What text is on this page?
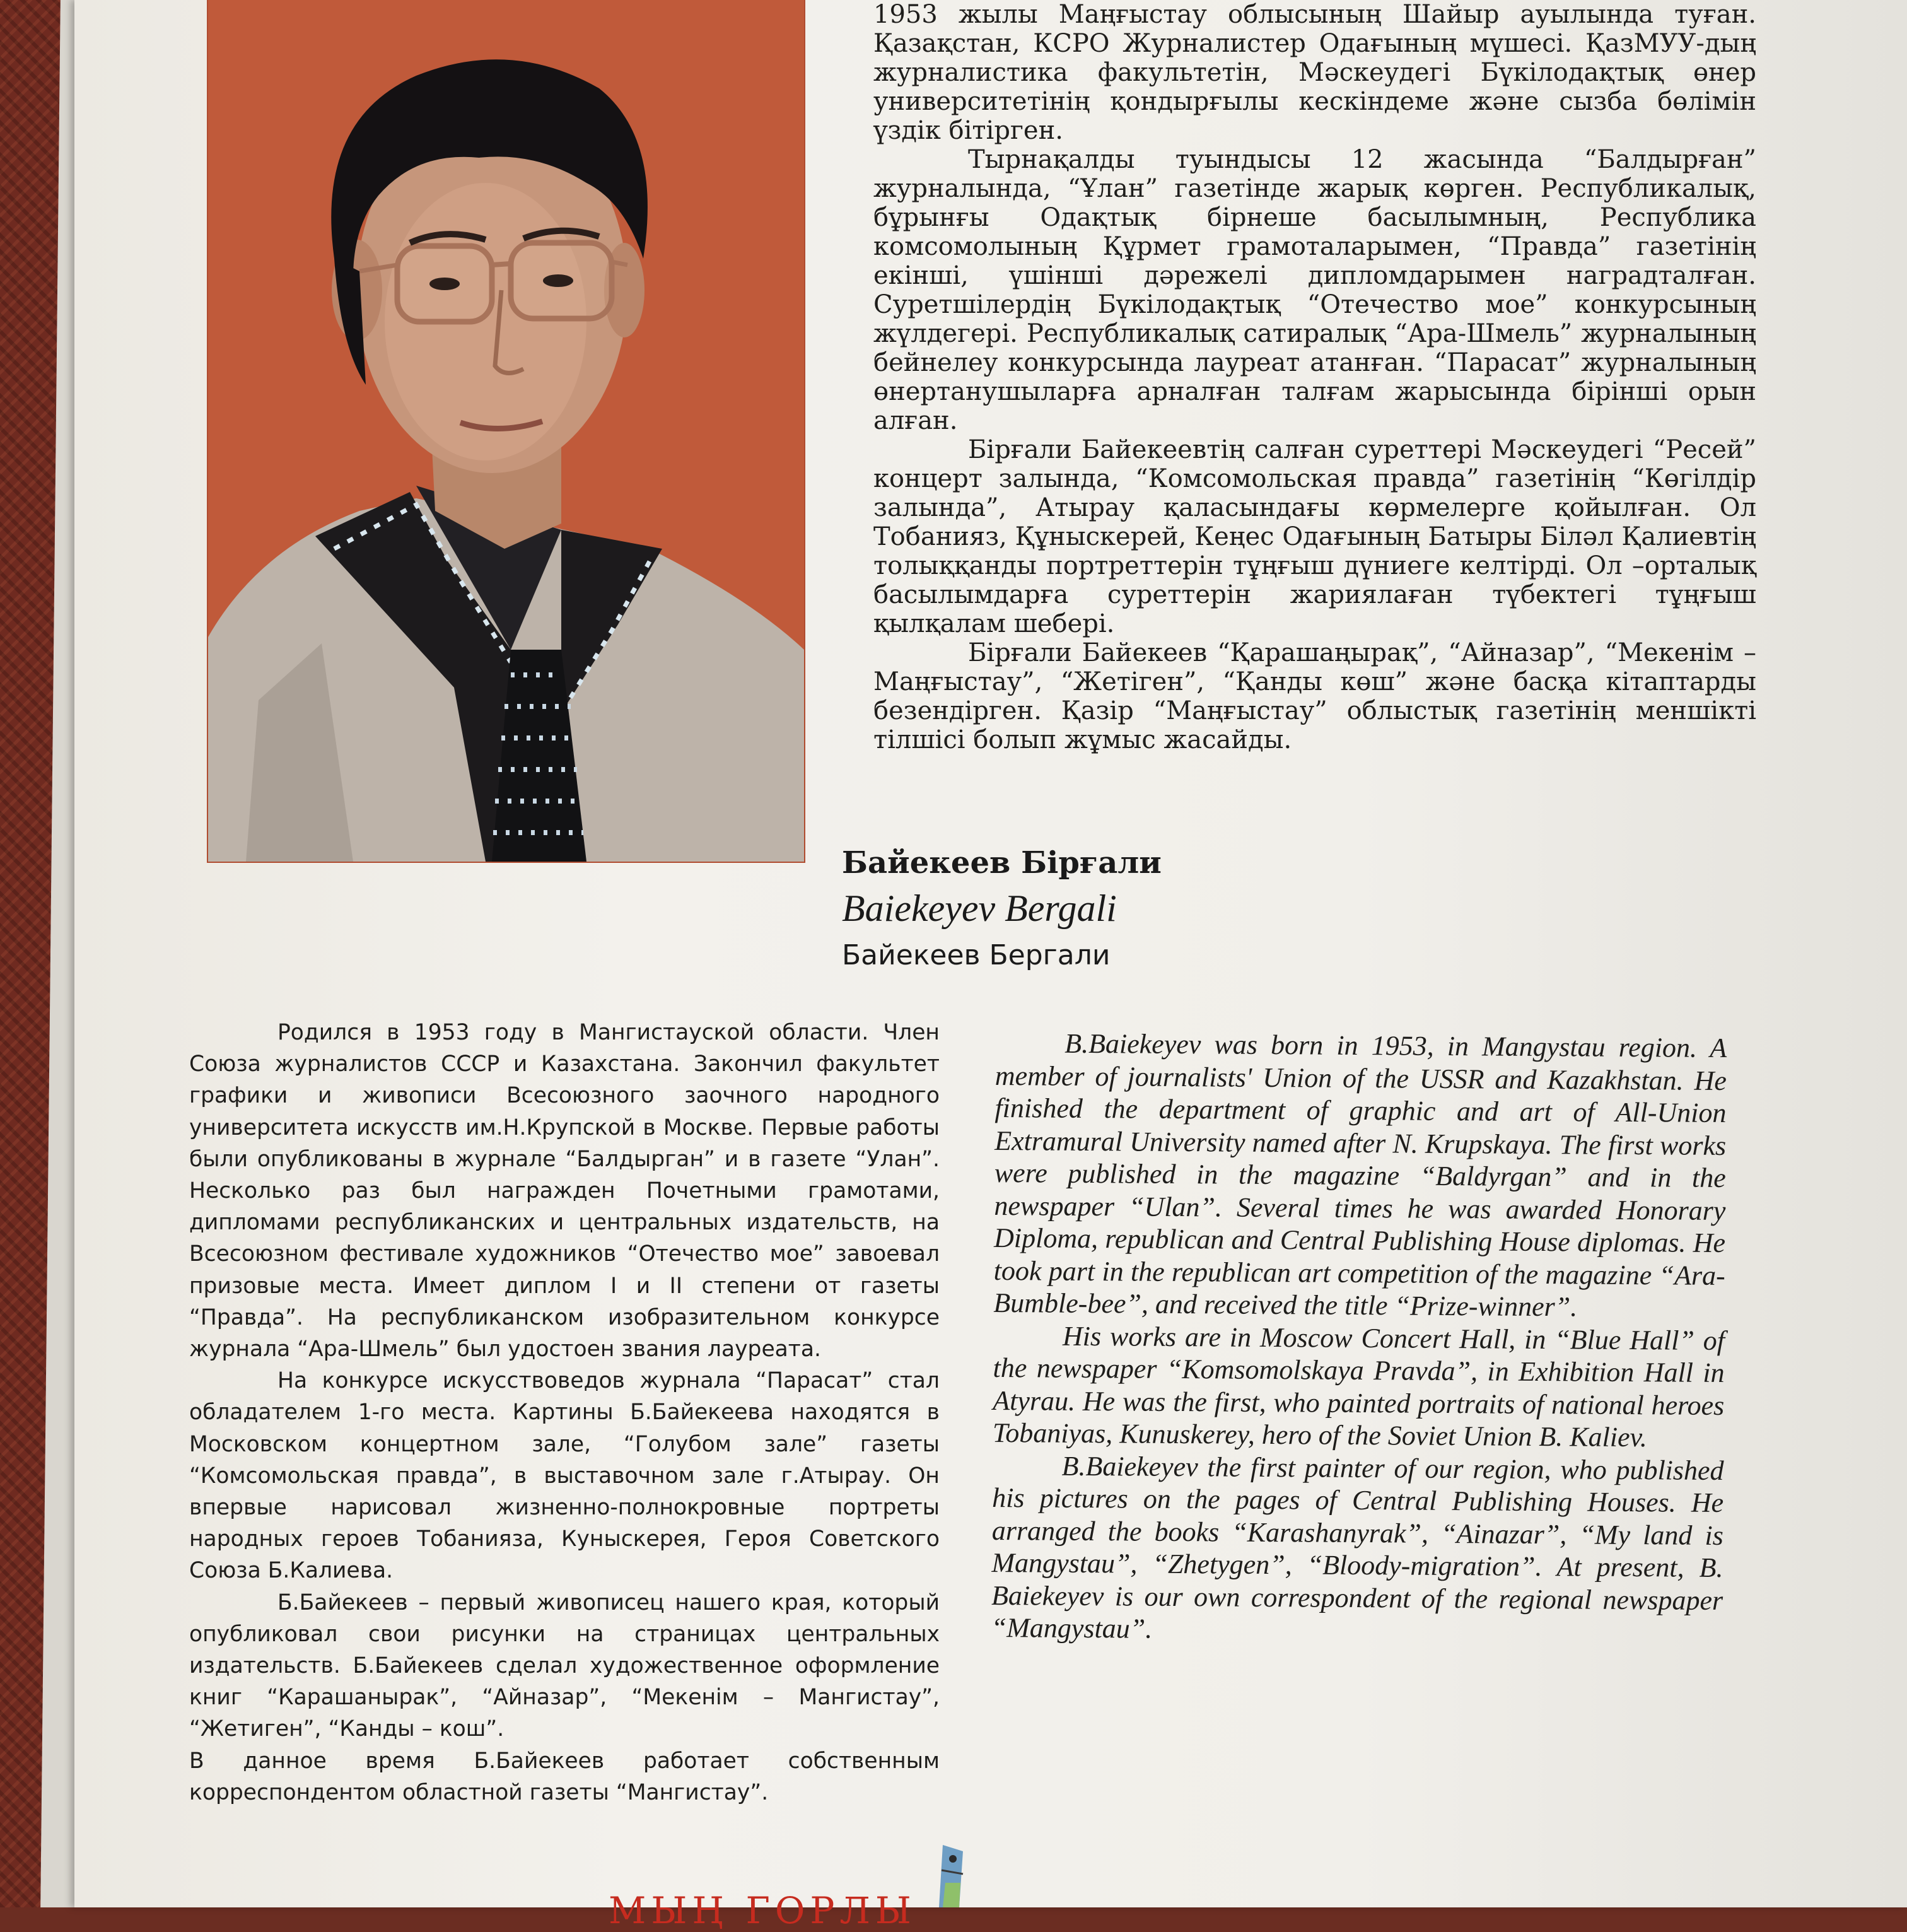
1953 жылы Маңғыстау облысының Шайыр ауылында туған. Қазақстан, КСРО Журналистер Одағының мүшесі. ҚазМУУ-дың журналистика факультетін, Мәскеудегі Бүкілодақтық өнер университетінің қондырғылы кескіндеме және сызба бөлімін үздік бітірген.

Тырнақалды туындысы 12 жасында “Балдырған” журналында, “Ұлан” газетінде жарық көрген. Республикалық, бұрынғы Одақтық бірнеше басылымның, Республика комсомолының Құрмет грамоталарымен, “Правда” газетінің екінші, үшінші дәрежелі дипломдарымен наградталған. Суретшілердің Бүкілодақтық “Отечество мое” конкурсының жүлдегері. Республикалық сатиралық “Ара-Шмель” журналының бейнелеу конкурсында лауреат атанған. “Парасат” журналының өнертанушыларға арналған талғам жарысында бірінші орын алған.

Бірғали Байекеевтің салған суреттері Мәскеудегі “Ресей” концерт залында, “Комсомольская правда” газетінің “Көгілдір залында”, Атырау қаласындағы көрмелерге қойылған. Ол Тобанияз, Құныскерей, Кеңес Одағының Батыры Біләл Қалиевтің толыққанды портреттерін тұңғыш дүниеге келтірді. Ол –орталық басылымдарға суреттерін жариялаған түбектегі тұңғыш қылқалам шебері.

Бірғали Байекеев “Қарашаңырақ”, “Айназар”, “Мекенім – Маңғыстау”, “Жетіген”, “Қанды көш” және басқа кітаптарды безендірген. Қазір “Маңғыстау” облыстық газетінің меншікті тілшісі болып жұмыс жасайды.

Байекеев Бірғали

Baiekeyev Bergali

Байекеев Бергали

Родился в 1953 году в Мангистауской области. Член Союза журналистов СССР и Казахстана. Закончил факультет графики и живописи Всесоюзного заочного народного университета искусств им.Н.Крупской в Москве. Первые работы были опубликованы в журнале “Балдырган” и в газете “Улан”. Несколько раз был награжден Почетными грамотами, дипломами республиканских и центральных издательств, на Всесоюзном фестивале художников “Отечество мое” завоевал призовые места. Имеет диплом I и II степени от газеты “Правда”. На республиканском изобразительном конкурсе журнала “Ара-Шмель” был удостоен звания лауреата.

На конкурсе искусствоведов журнала “Парасат” стал обладателем 1-го места. Картины Б.Байекеева находятся в Московском концертном зале, “Голубом зале” газеты “Комсомольская правда”, в выставочном зале г.Атырау. Он впервые нарисовал жизненно-полнокровные портреты народных героев Тобанияза, Куныскерея, Героя Советского Союза Б.Калиева.

Б.Байекеев – первый живописец нашего края, который опубликовал свои рисунки на страницах центральных издательств. Б.Байекеев сделал художественное оформление книг “Карашанырак”, “Айназар”, “Мекенім – Мангистау”, “Жетиген”, “Канды – кош”.

В данное время Б.Байекеев работает собственным корреспондентом областной газеты “Мангистау”.

B.Baiekeyev was born in 1953, in Mangystau region. A member of journalists' Union of the USSR and Kazakhstan. He finished the department of graphic and art of All-Union Extramural University named after N. Krupskaya. The first works were published in the magazine “Baldyrgan” and in the newspaper “Ulan”. Several times he was awarded Honorary Diploma, republican and Central Publishing House diplomas. He took part in the republican art competition of the magazine “Ara-Bumble-bee”, and received the title “Prize-winner”.

His works are in Moscow Concert Hall, in “Blue Hall” of the newspaper “Komsomolskaya Pravda”, in Exhibition Hall in Atyrau. He was the first, who painted portraits of national heroes Tobaniyas, Kunuskerey, hero of the Soviet Union B. Kaliev.

B.Baiekeyev the first painter of our region, who published his pictures on the pages of Central Publishing Houses. He arranged the books “Karashanyrak”, “Ainazar”, “My land is Mangystau”, “Zhetygen”, “Bloody-migration”. At present, B. Baiekeyev is our own correspondent of the regional newspaper “Mangystau”.

МЫҢ ГОРЛЫ
